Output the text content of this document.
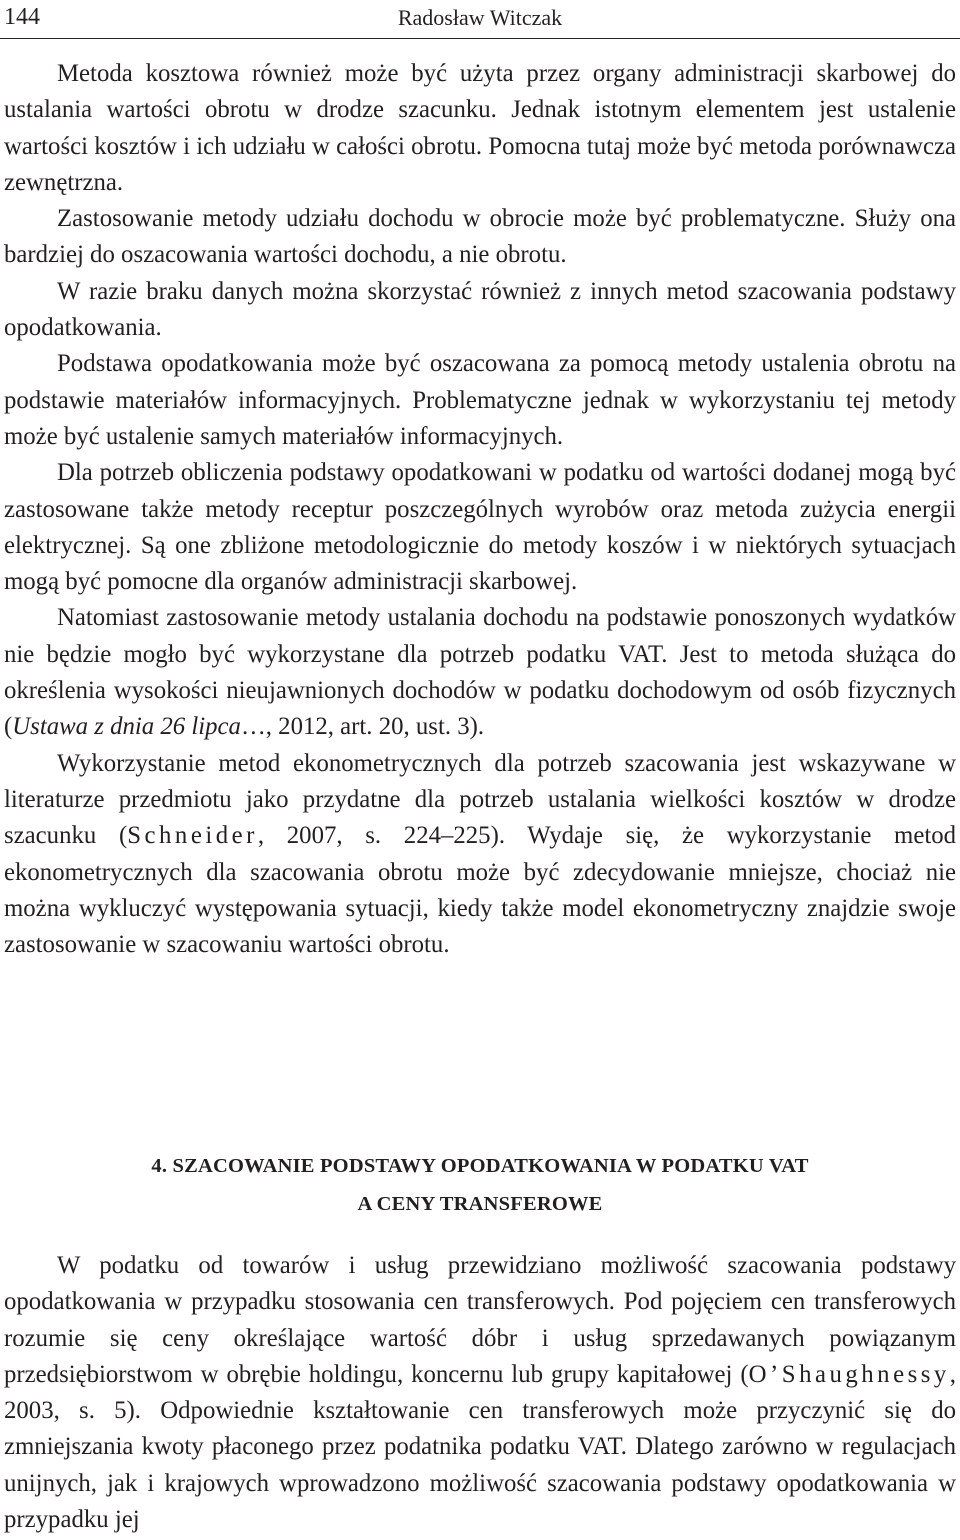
144	Radosław Witczak

Metoda kosztowa również może być użyta przez organy administracji skarbowej do ustalania wartości obrotu w drodze szacunku. Jednak istotnym elementem jest ustalenie wartości kosztów i ich udziału w całości obrotu. Pomocna tutaj może być metoda porównawcza zewnętrzna.

Zastosowanie metody udziału dochodu w obrocie może być problematyczne. Służy ona bardziej do oszacowania wartości dochodu, a nie obrotu.

W razie braku danych można skorzystać również z innych metod szacowania podstawy opodatkowania.

Podstawa opodatkowania może być oszacowana za pomocą metody ustalenia obrotu na podstawie materiałów informacyjnych. Problematyczne jednak w wykorzystaniu tej metody może być ustalenie samych materiałów informacyjnych.

Dla potrzeb obliczenia podstawy opodatkowani w podatku od wartości dodanej mogą być zastosowane także metody receptur poszczególnych wyrobów oraz metoda zużycia energii elektrycznej. Są one zbliżone metodologicznie do metody koszów i w niektórych sytuacjach mogą być pomocne dla organów administracji skarbowej.

Natomiast zastosowanie metody ustalania dochodu na podstawie ponoszonych wydatków nie będzie mogło być wykorzystane dla potrzeb podatku VAT. Jest to metoda służąca do określenia wysokości nieujawnionych dochodów w podatku dochodowym od osób fizycznych (Ustawa z dnia 26 lipca…, 2012, art. 20, ust. 3).

Wykorzystanie metod ekonometrycznych dla potrzeb szacowania jest wskazywane w literaturze przedmiotu jako przydatne dla potrzeb ustalania wielkości kosztów w drodze szacunku (Schneider, 2007, s. 224–225). Wydaje się, że wykorzystanie metod ekonometrycznych dla szacowania obrotu może być zdecydowanie mniejsze, chociaż nie można wykluczyć występowania sytuacji, kiedy także model ekonometryczny znajdzie swoje zastosowanie w szacowaniu wartości obrotu.

4. SZACOWANIE PODSTAWY OPODATKOWANIA W PODATKU VAT
A CENY TRANSFEROWE

W podatku od towarów i usług przewidziano możliwość szacowania podstawy opodatkowania w przypadku stosowania cen transferowych. Pod pojęciem cen transferowych rozumie się ceny określające wartość dóbr i usług sprzedawanych powiązanym przedsiębiorstwom w obrębie holdingu, koncernu lub grupy kapitałowej (O’Shaughnessy, 2003, s. 5). Odpowiednie kształtowanie cen transferowych może przyczynić się do zmniejszania kwoty płaconego przez podatnika podatku VAT. Dlatego zarówno w regulacjach unijnych, jak i krajowych wprowadzono możliwość szacowania podstawy opodatkowania w przypadku jej
